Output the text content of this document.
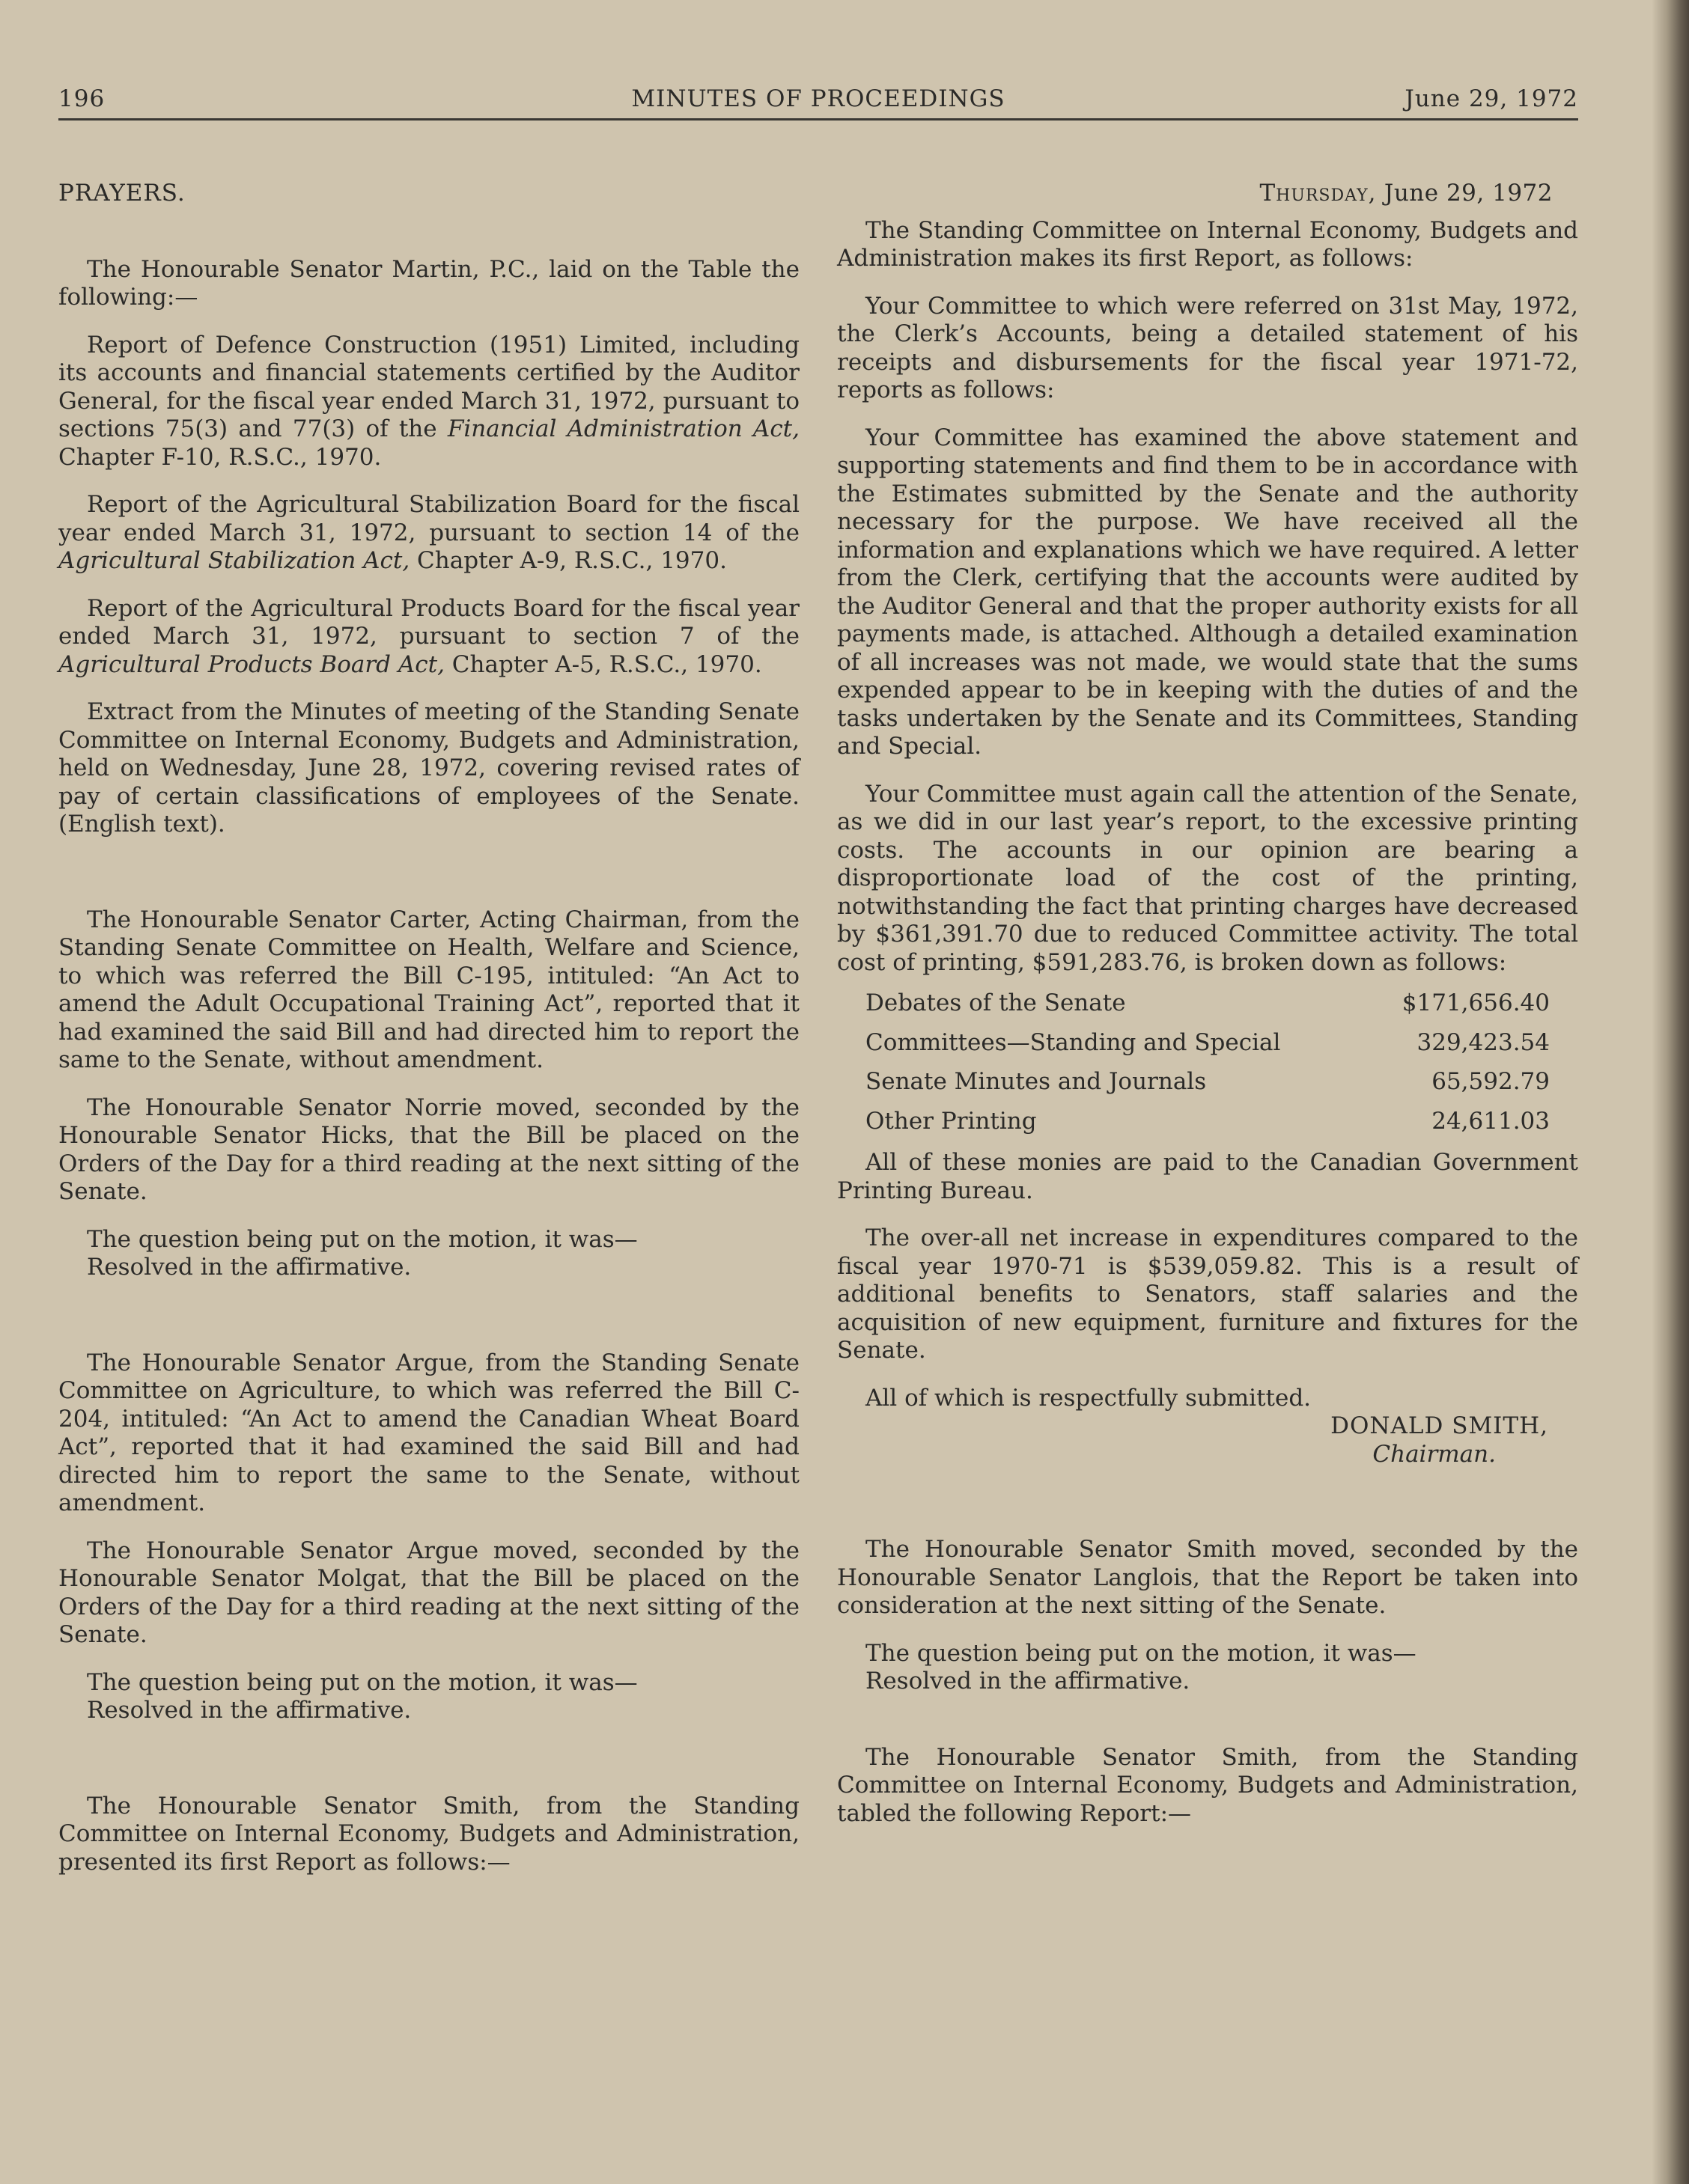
196	MINUTES OF PROCEEDINGS	June 29, 1972

PRAYERS.

The Honourable Senator Martin, P.C., laid on the Table the following:—

Report of Defence Construction (1951) Limited, including its accounts and financial statements certified by the Auditor General, for the fiscal year ended March 31, 1972, pursuant to sections 75(3) and 77(3) of the Financial Administration Act, Chapter F-10, R.S.C., 1970.

Report of the Agricultural Stabilization Board for the fiscal year ended March 31, 1972, pursuant to section 14 of the Agricultural Stabilization Act, Chapter A-9, R.S.C., 1970.

Report of the Agricultural Products Board for the fiscal year ended March 31, 1972, pursuant to section 7 of the Agricultural Products Board Act, Chapter A-5, R.S.C., 1970.

Extract from the Minutes of meeting of the Standing Senate Committee on Internal Economy, Budgets and Administration, held on Wednesday, June 28, 1972, covering revised rates of pay of certain classifications of employees of the Senate. (English text).

The Honourable Senator Carter, Acting Chairman, from the Standing Senate Committee on Health, Welfare and Science, to which was referred the Bill C-195, intituled: “An Act to amend the Adult Occupational Training Act”, reported that it had examined the said Bill and had directed him to report the same to the Senate, without amendment.

The Honourable Senator Norrie moved, seconded by the Honourable Senator Hicks, that the Bill be placed on the Orders of the Day for a third reading at the next sitting of the Senate.

The question being put on the motion, it was—

Resolved in the affirmative.

The Honourable Senator Argue, from the Standing Senate Committee on Agriculture, to which was referred the Bill C-204, intituled: “An Act to amend the Canadian Wheat Board Act”, reported that it had examined the said Bill and had directed him to report the same to the Senate, without amendment.

The Honourable Senator Argue moved, seconded by the Honourable Senator Molgat, that the Bill be placed on the Orders of the Day for a third reading at the next sitting of the Senate.

The question being put on the motion, it was—

Resolved in the affirmative.

The Honourable Senator Smith, from the Standing Committee on Internal Economy, Budgets and Administration, presented its first Report as follows:—

Thursday, June 29, 1972

The Standing Committee on Internal Economy, Budgets and Administration makes its first Report, as follows:

Your Committee to which were referred on 31st May, 1972, the Clerk’s Accounts, being a detailed statement of his receipts and disbursements for the fiscal year 1971-72, reports as follows:

Your Committee has examined the above statement and supporting statements and find them to be in accordance with the Estimates submitted by the Senate and the authority necessary for the purpose. We have received all the information and explanations which we have required. A letter from the Clerk, certifying that the accounts were audited by the Auditor General and that the proper authority exists for all payments made, is attached. Although a detailed examination of all increases was not made, we would state that the sums expended appear to be in keeping with the duties of and the tasks undertaken by the Senate and its Committees, Standing and Special.

Your Committee must again call the attention of the Senate, as we did in our last year’s report, to the excessive printing costs. The accounts in our opinion are bearing a disproportionate load of the cost of the printing, notwithstanding the fact that printing charges have decreased by $361,391.70 due to reduced Committee activity. The total cost of printing, $591,283.76, is broken down as follows:

Debates of the Senate	$171,656.40
Committees—Standing and Special	329,423.54
Senate Minutes and Journals	65,592.79
Other Printing	24,611.03

All of these monies are paid to the Canadian Government Printing Bureau.

The over-all net increase in expenditures compared to the fiscal year 1970-71 is $539,059.82. This is a result of additional benefits to Senators, staff salaries and the acquisition of new equipment, furniture and fixtures for the Senate.

All of which is respectfully submitted.

DONALD SMITH,

Chairman.

The Honourable Senator Smith moved, seconded by the Honourable Senator Langlois, that the Report be taken into consideration at the next sitting of the Senate.

The question being put on the motion, it was—

Resolved in the affirmative.

The Honourable Senator Smith, from the Standing Committee on Internal Economy, Budgets and Administration, tabled the following Report:—
